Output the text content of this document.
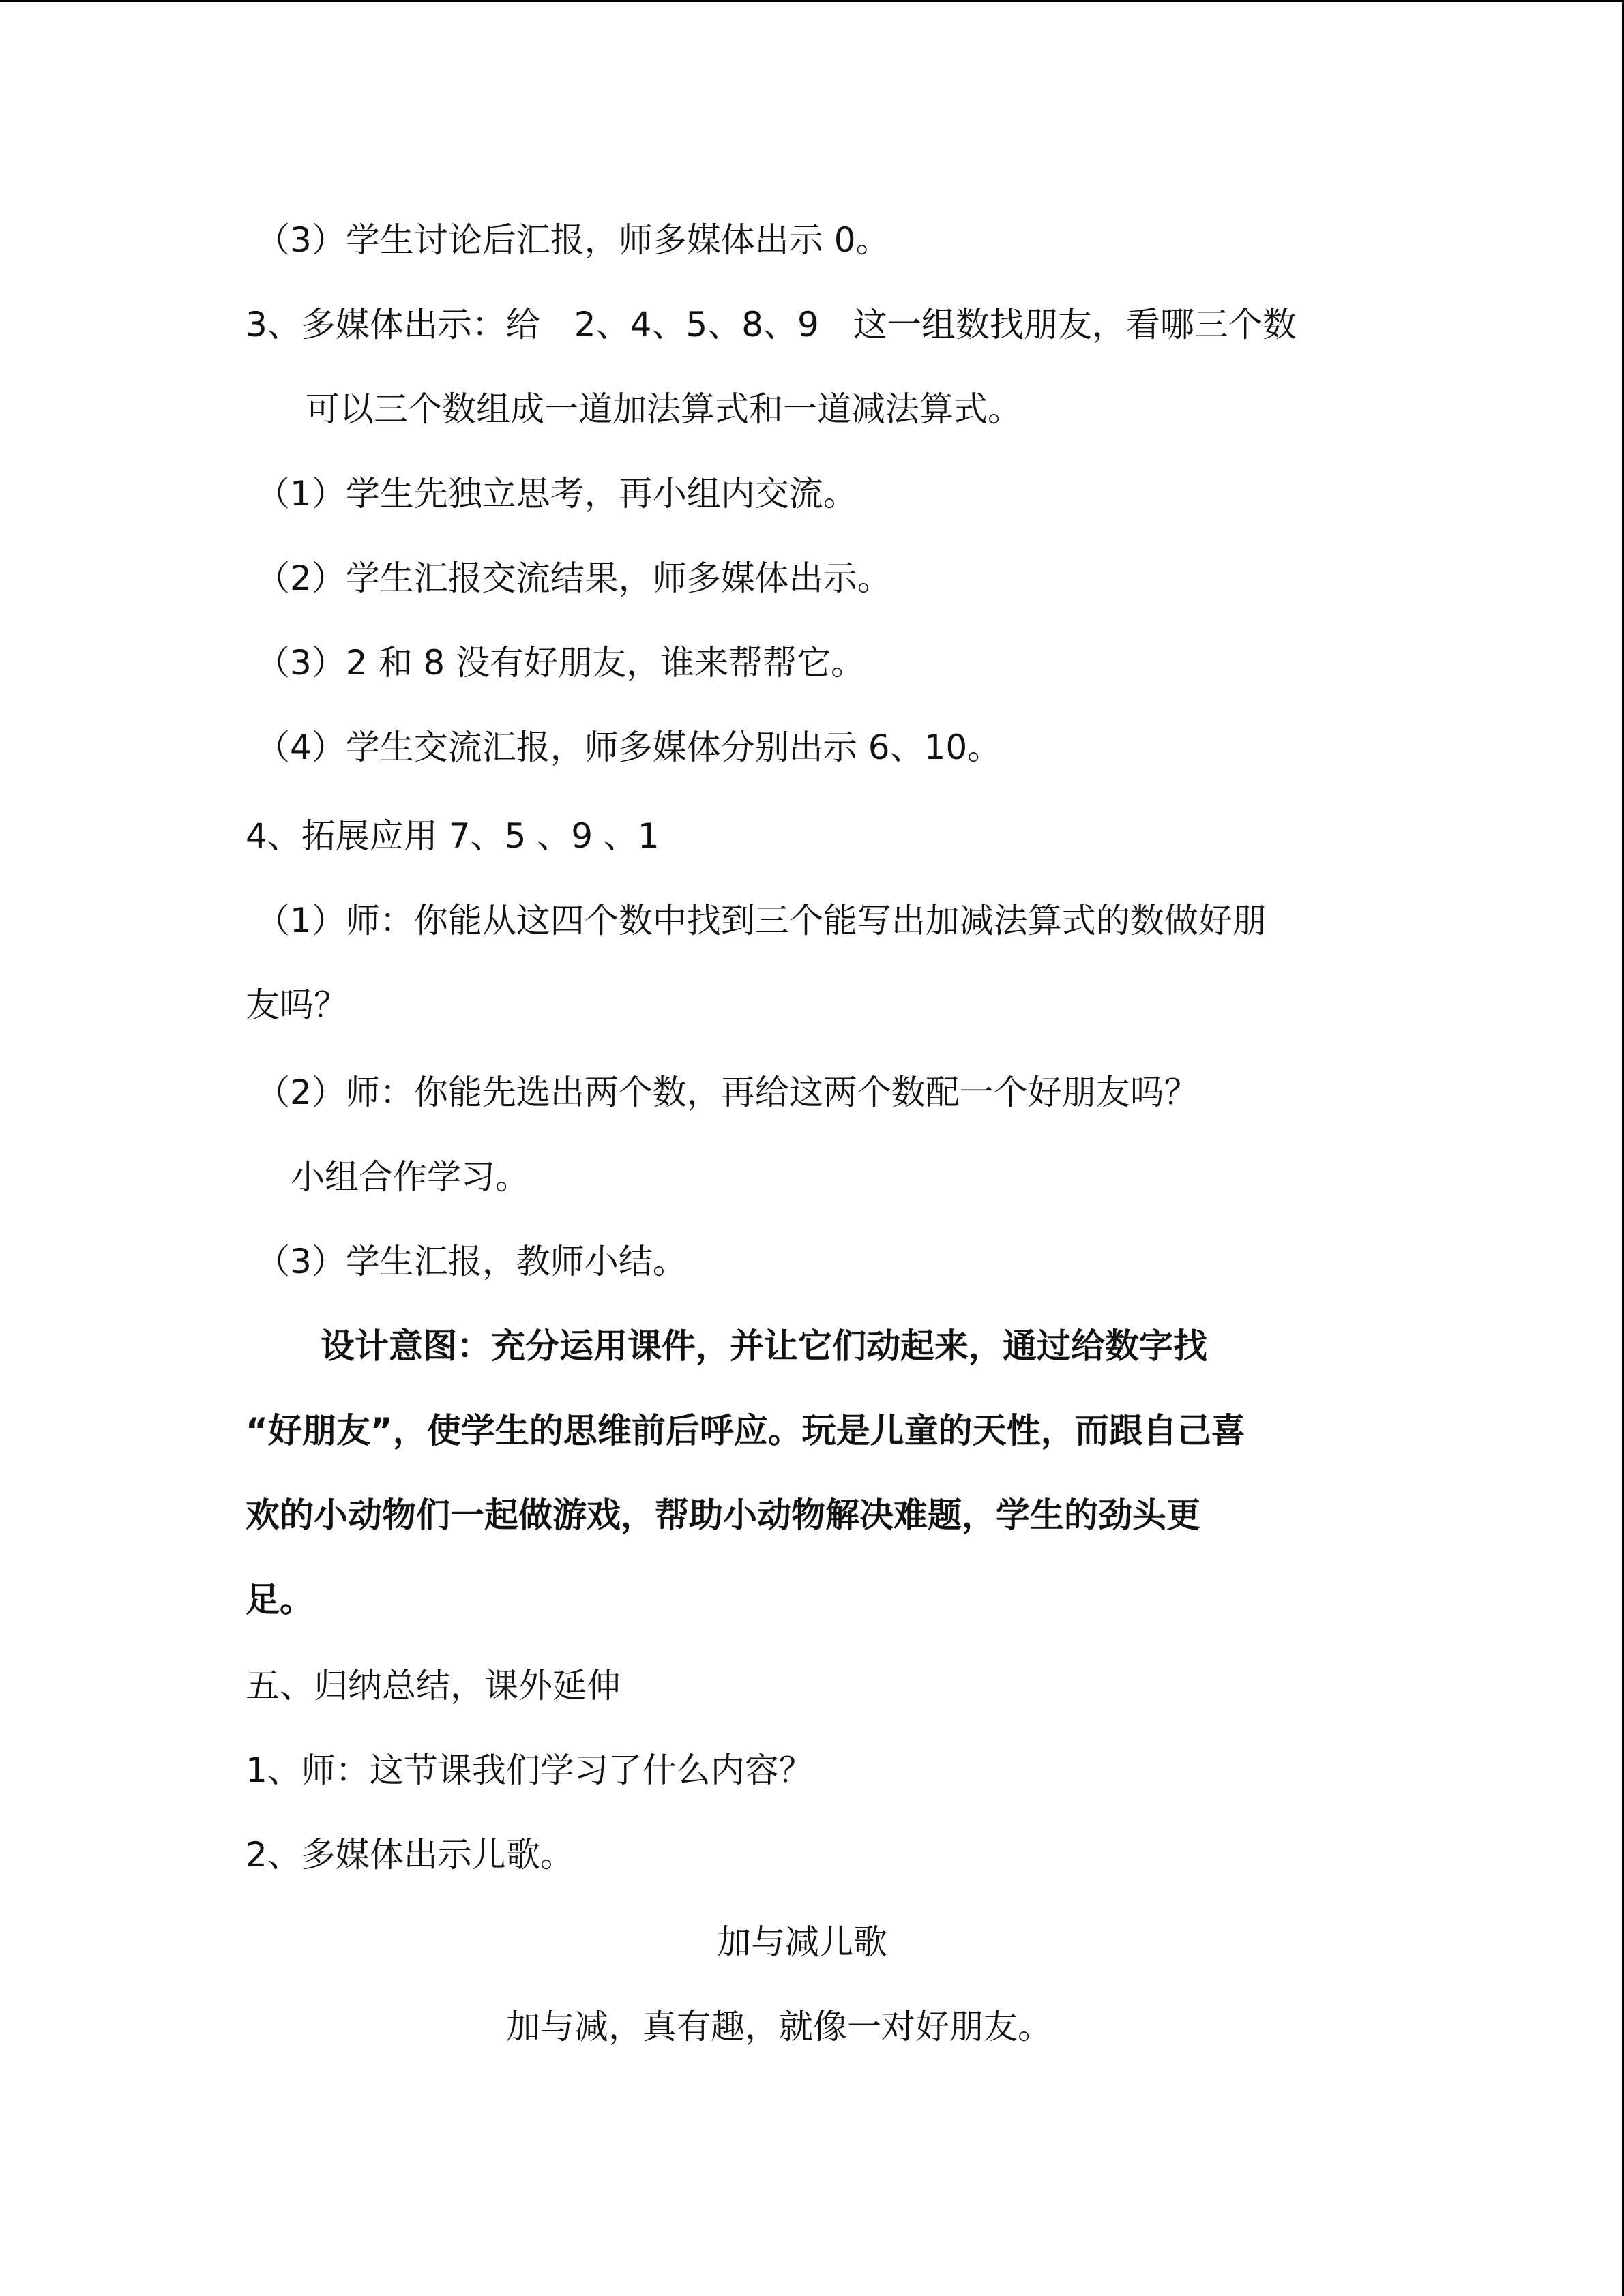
（3）学生讨论后汇报，师多媒体出示 0。
3、多媒体出示：给　2、4、5、8、9　这一组数找朋友，看哪三个数
可以三个数组成一道加法算式和一道减法算式。
（1）学生先独立思考，再小组内交流。
（2）学生汇报交流结果，师多媒体出示。
（3）2 和 8 没有好朋友，谁来帮帮它。
（4）学生交流汇报，师多媒体分别出示 6、10。
4、拓展应用 7、5 、9 、1
（1）师：你能从这四个数中找到三个能写出加减法算式的数做好朋
友吗？
（2）师：你能先选出两个数，再给这两个数配一个好朋友吗？
小组合作学习。
（3）学生汇报，教师小结。
设计意图：充分运用课件，并让它们动起来，通过给数字找
“好朋友”，使学生的思维前后呼应。玩是儿童的天性，而跟自己喜
欢的小动物们一起做游戏，帮助小动物解决难题，学生的劲头更
足。
五、归纳总结，课外延伸
1、师：这节课我们学习了什么内容？
2、多媒体出示儿歌。
加与减儿歌
加与减，真有趣，就像一对好朋友。
